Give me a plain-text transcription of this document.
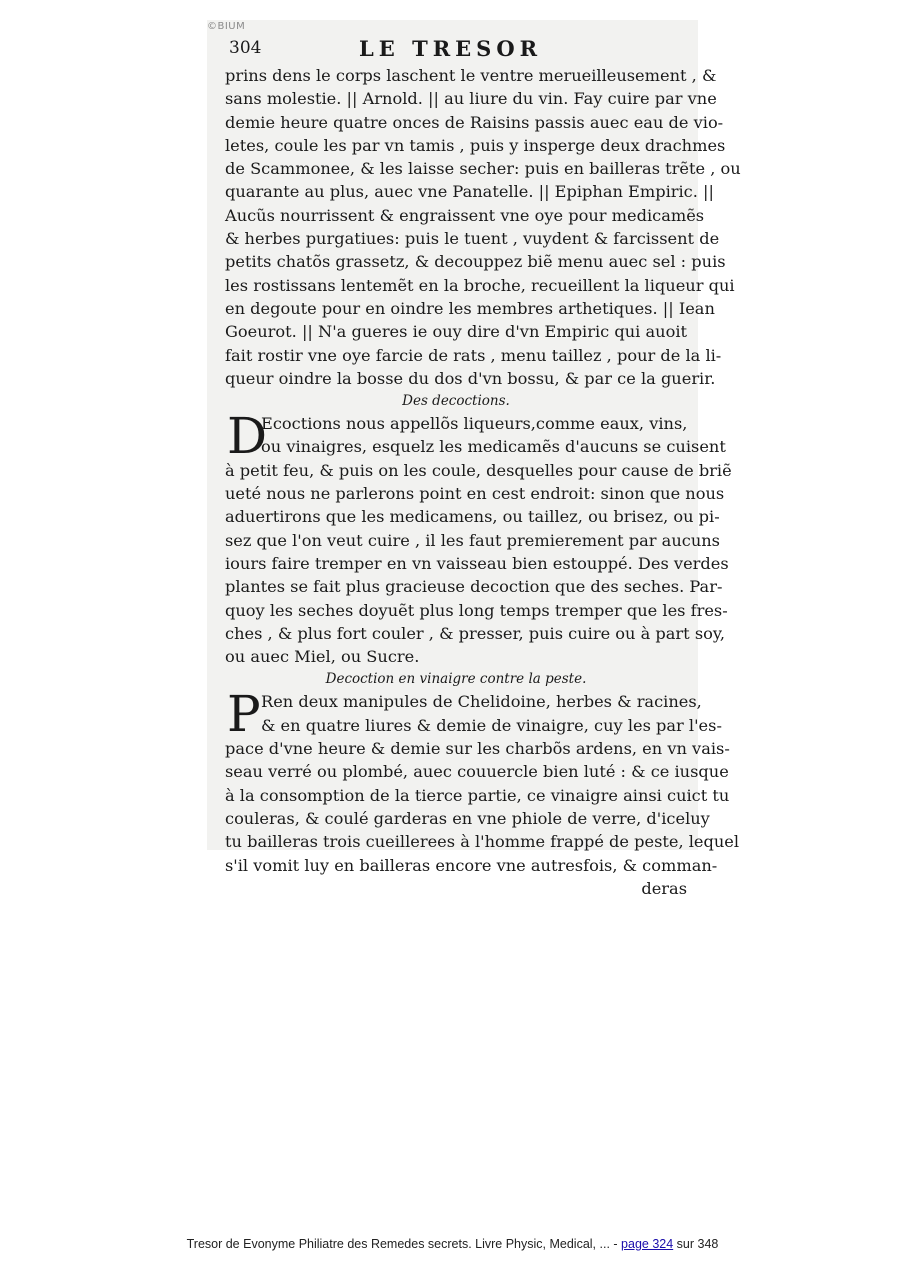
©BIUM
304	LE TRESOR
prins dens le corps laschent le ventre merueilleusement , &
sans molestie. || Arnold. || au liure du vin. Fay cuire par vne
demie heure quatre onces de Raisins passis auec eau de vio-
letes, coule les par vn tamis , puis y insperge deux drachmes
de Scammonee, & les laisse secher: puis en bailleras trẽte , ou
quarante au plus, auec vne Panatelle. || Epiphan Empiric. ||
Aucũs nourrissent & engraissent vne oye pour medicamẽs
& herbes purgatiues: puis le tuent , vuydent & farcissent de
petits chatõs grassetz, & decouppez biẽ menu auec sel : puis
les rostissans lentemẽt en la broche, recueillent la liqueur qui
en degoute pour en oindre les membres arthetiques. || Iean
Goeurot. || N'a gueres ie ouy dire d'vn Empiric qui auoit
fait rostir vne oye farcie de rats , menu taillez , pour de la li-
queur oindre la bosse du dos d'vn bossu, & par ce la guerir.
Des decoctions.
D
Ecoctions nous appellõs liqueurs,comme eaux, vins,
ou vinaigres, esquelz les medicamẽs d'aucuns se cuisent
à petit feu, & puis on les coule, desquelles pour cause de briẽ
ueté nous ne parlerons point en cest endroit: sinon que nous
aduertirons que les medicamens, ou taillez, ou brisez, ou pi-
sez que l'on veut cuire , il les faut premierement par aucuns
iours faire tremper en vn vaisseau bien estouppé. Des verdes
plantes se fait plus gracieuse decoction que des seches. Par-
quoy les seches doyuẽt plus long temps tremper que les fres-
ches , & plus fort couler , & presser, puis cuire ou à part soy,
ou auec Miel, ou Sucre.
Decoction en vinaigre contre la peste.
P Ren deux manipules de Chelidoine, herbes & racines,
& en quatre liures & demie de vinaigre, cuy les par l'es-
pace d'vne heure & demie sur les charbõs ardens, en vn vais-
seau verré ou plombé, auec couuercle bien luté : & ce iusque
à la consomption de la tierce partie, ce vinaigre ainsi cuict tu
couleras, & coulé garderas en vne phiole de verre, d'iceluy
tu bailleras trois cueillerees à l'homme frappé de peste, lequel
s'il vomit luy en bailleras encore vne autresfois, & comman-
deras
Tresor de Evonyme Philiatre des Remedes secrets. Livre Physic, Medical, ... - page 324 sur 348
